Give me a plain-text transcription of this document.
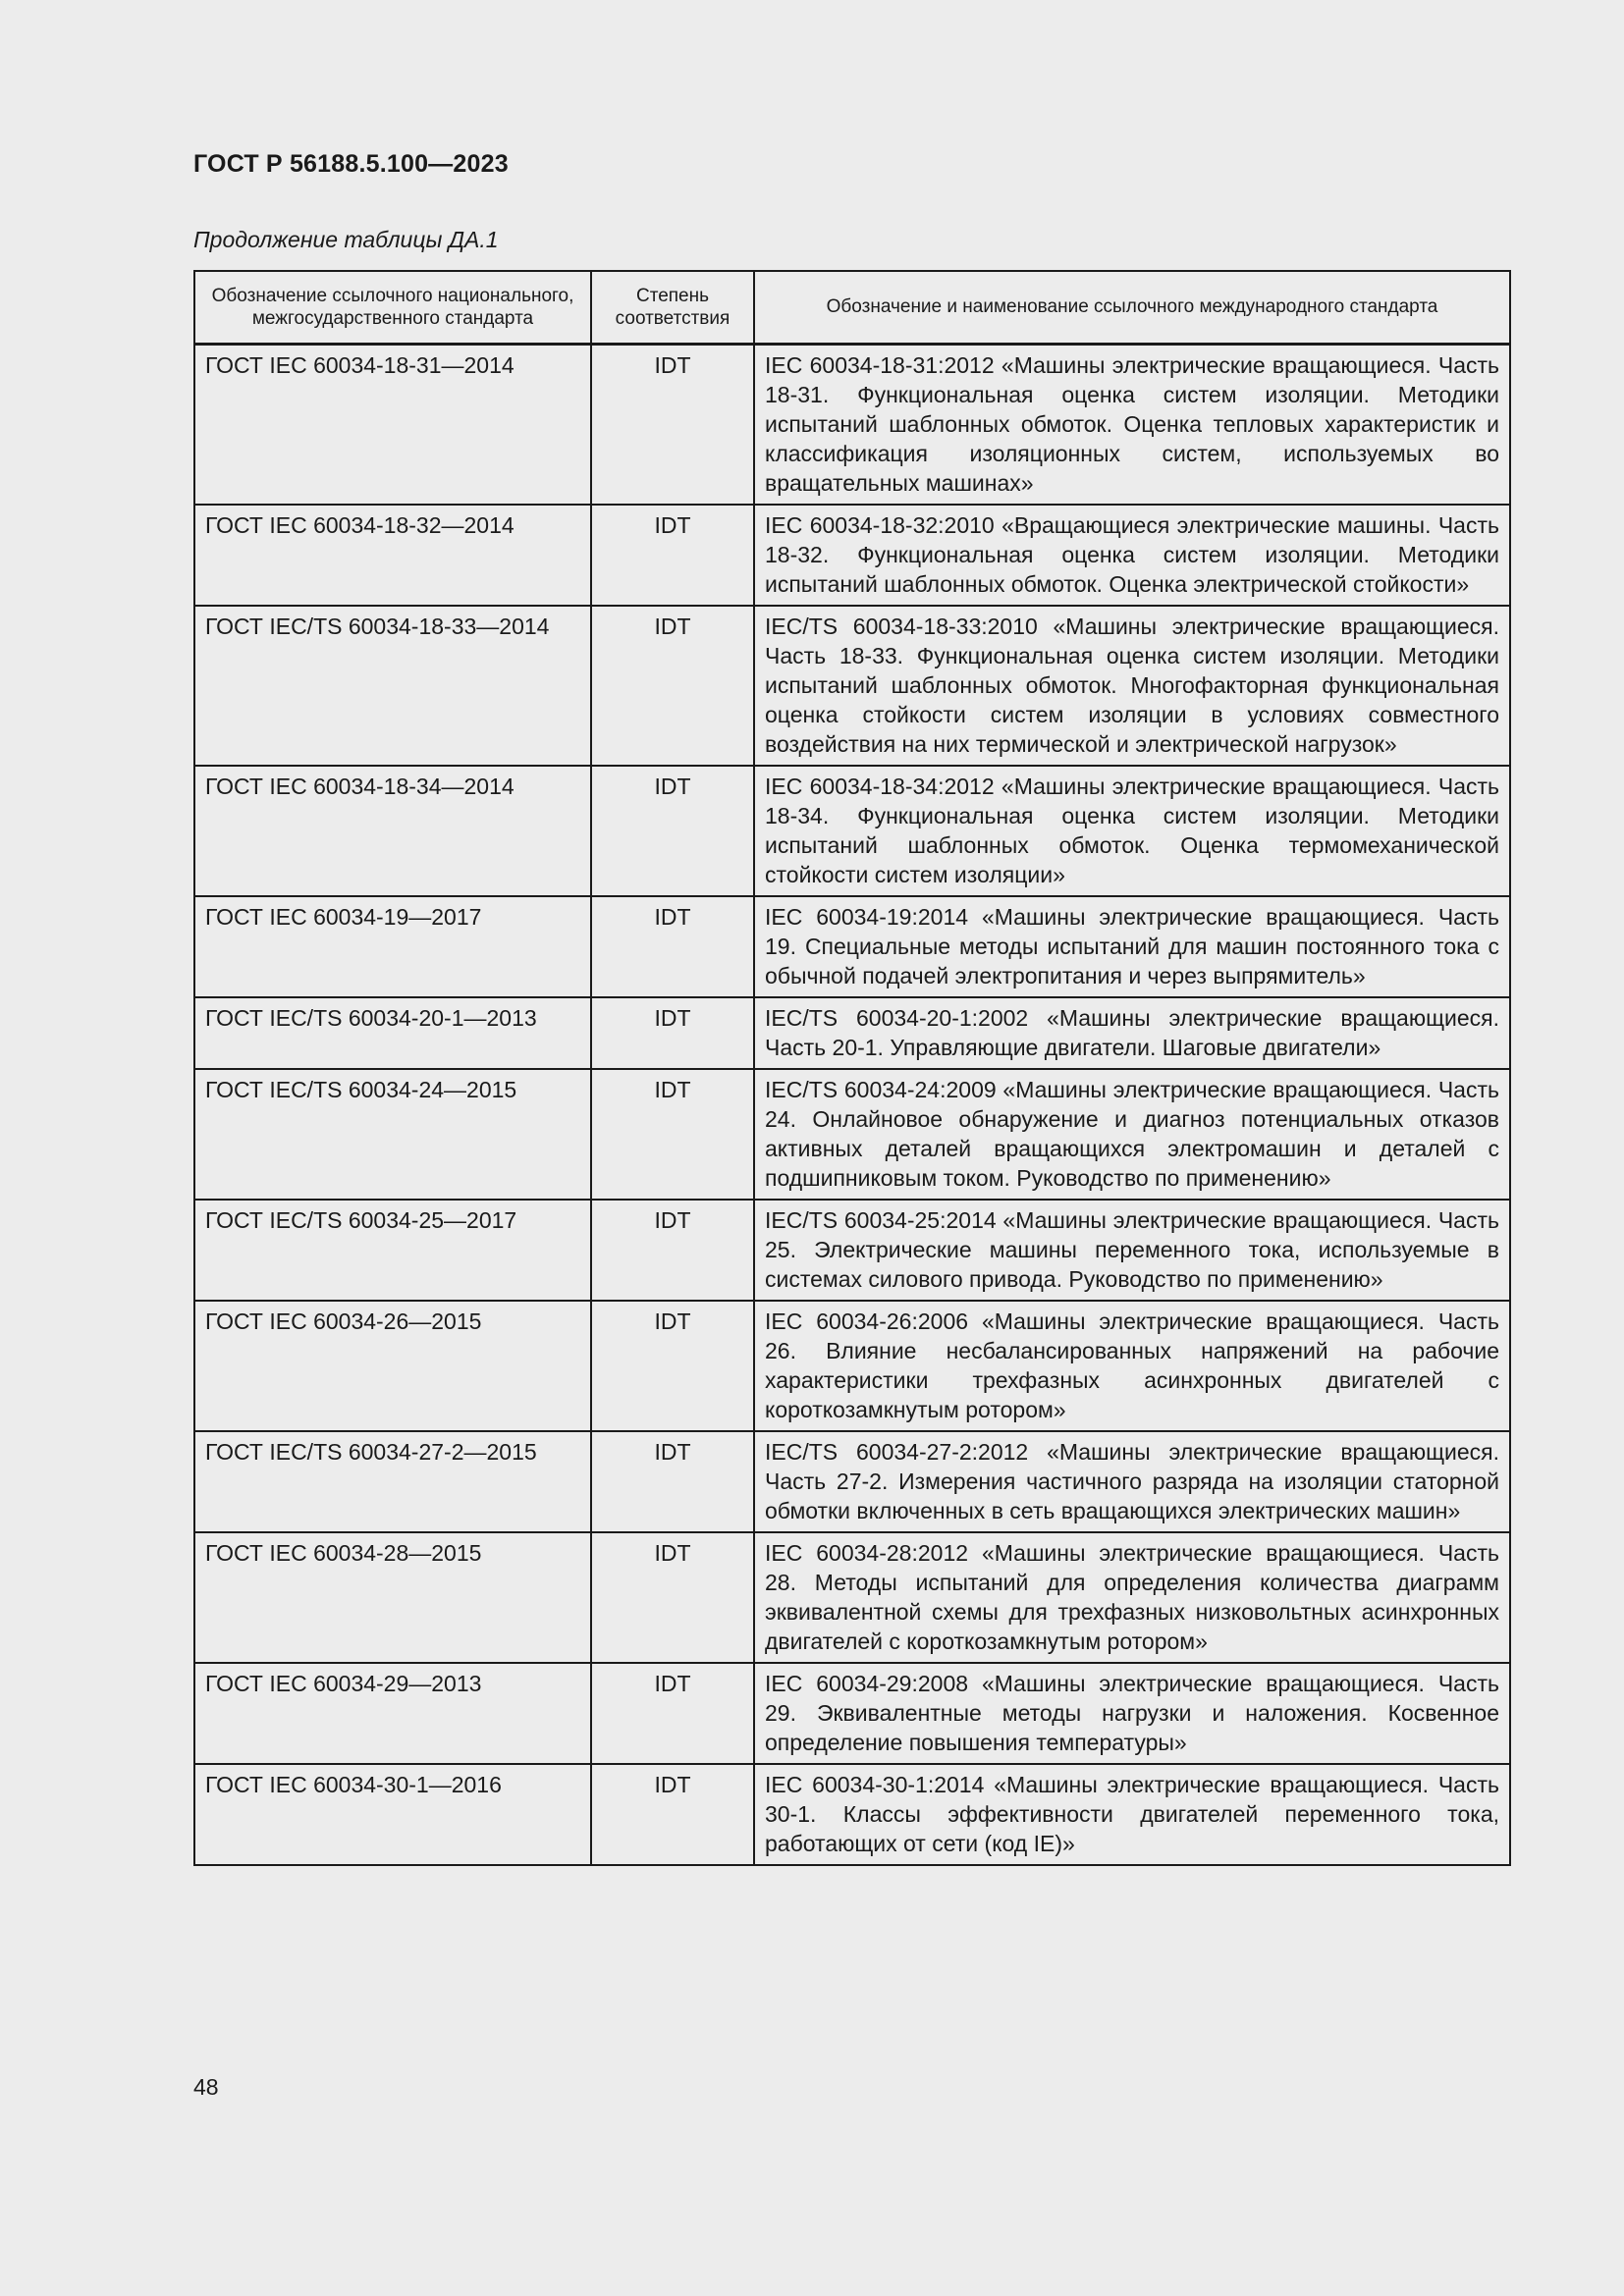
ГОСТ Р 56188.5.100—2023

Продолжение таблицы ДА.1

Обозначение ссылочного национального, межгосударственного стандарта	Степень соответствия	Обозначение и наименование ссылочного международного стандарта
ГОСТ IEC 60034-18-31—2014	IDT	IEC 60034-18-31:2012 «Машины электрические вращающиеся. Часть 18-31. Функциональная оценка систем изоляции. Методики испытаний шаблонных обмоток. Оценка тепловых характеристик и классификация изоляционных систем, используемых во вращательных машинах»
ГОСТ IEC 60034-18-32—2014	IDT	IEC 60034-18-32:2010 «Вращающиеся электрические машины. Часть 18-32. Функциональная оценка систем изоляции. Методики испытаний шаблонных обмоток. Оценка электрической стойкости»
ГОСТ IEC/TS 60034-18-33—2014	IDT	IEC/TS 60034-18-33:2010 «Машины электрические вращающиеся. Часть 18-33. Функциональная оценка систем изоляции. Методики испытаний шаблонных обмоток. Многофакторная функциональная оценка стойкости систем изоляции в условиях совместного воздействия на них термической и электрической нагрузок»
ГОСТ IEC 60034-18-34—2014	IDT	IEC 60034-18-34:2012 «Машины электрические вращающиеся. Часть 18-34. Функциональная оценка систем изоляции. Методики испытаний шаблонных обмоток. Оценка термомеханической стойкости систем изоляции»
ГОСТ IEC 60034-19—2017	IDT	IEC 60034-19:2014 «Машины электрические вращающиеся. Часть 19. Специальные методы испытаний для машин постоянного тока с обычной подачей электропитания и через выпрямитель»
ГОСТ IEC/TS 60034-20-1—2013	IDT	IEC/TS 60034-20-1:2002 «Машины электрические вращающиеся. Часть 20-1. Управляющие двигатели. Шаговые двигатели»
ГОСТ IEC/TS 60034-24—2015	IDT	IEC/TS 60034-24:2009 «Машины электрические вращающиеся. Часть 24. Онлайновое обнаружение и диагноз потенциальных отказов активных деталей вращающихся электромашин и деталей с подшипниковым током. Руководство по применению»
ГОСТ IEC/TS 60034-25—2017	IDT	IEC/TS 60034-25:2014 «Машины электрические вращающиеся. Часть 25. Электрические машины переменного тока, используемые в системах силового привода. Руководство по применению»
ГОСТ IEC 60034-26—2015	IDT	IEC 60034-26:2006 «Машины электрические вращающиеся. Часть 26. Влияние несбалансированных напряжений на рабочие характеристики трехфазных асинхронных двигателей с короткозамкнутым ротором»
ГОСТ IEC/TS 60034-27-2—2015	IDT	IEC/TS 60034-27-2:2012 «Машины электрические вращающиеся. Часть 27-2. Измерения частичного разряда на изоляции статорной обмотки включенных в сеть вращающихся электрических машин»
ГОСТ IEC 60034-28—2015	IDT	IEC 60034-28:2012 «Машины электрические вращающиеся. Часть 28. Методы испытаний для определения количества диаграмм эквивалентной схемы для трехфазных низковольтных асинхронных двигателей с короткозамкнутым ротором»
ГОСТ IEC 60034-29—2013	IDT	IEC 60034-29:2008 «Машины электрические вращающиеся. Часть 29. Эквивалентные методы нагрузки и наложения. Косвенное определение повышения температуры»
ГОСТ IEC 60034-30-1—2016	IDT	IEC 60034-30-1:2014 «Машины электрические вращающиеся. Часть 30-1. Классы эффективности двигателей переменного тока, работающих от сети (код IE)»

48
